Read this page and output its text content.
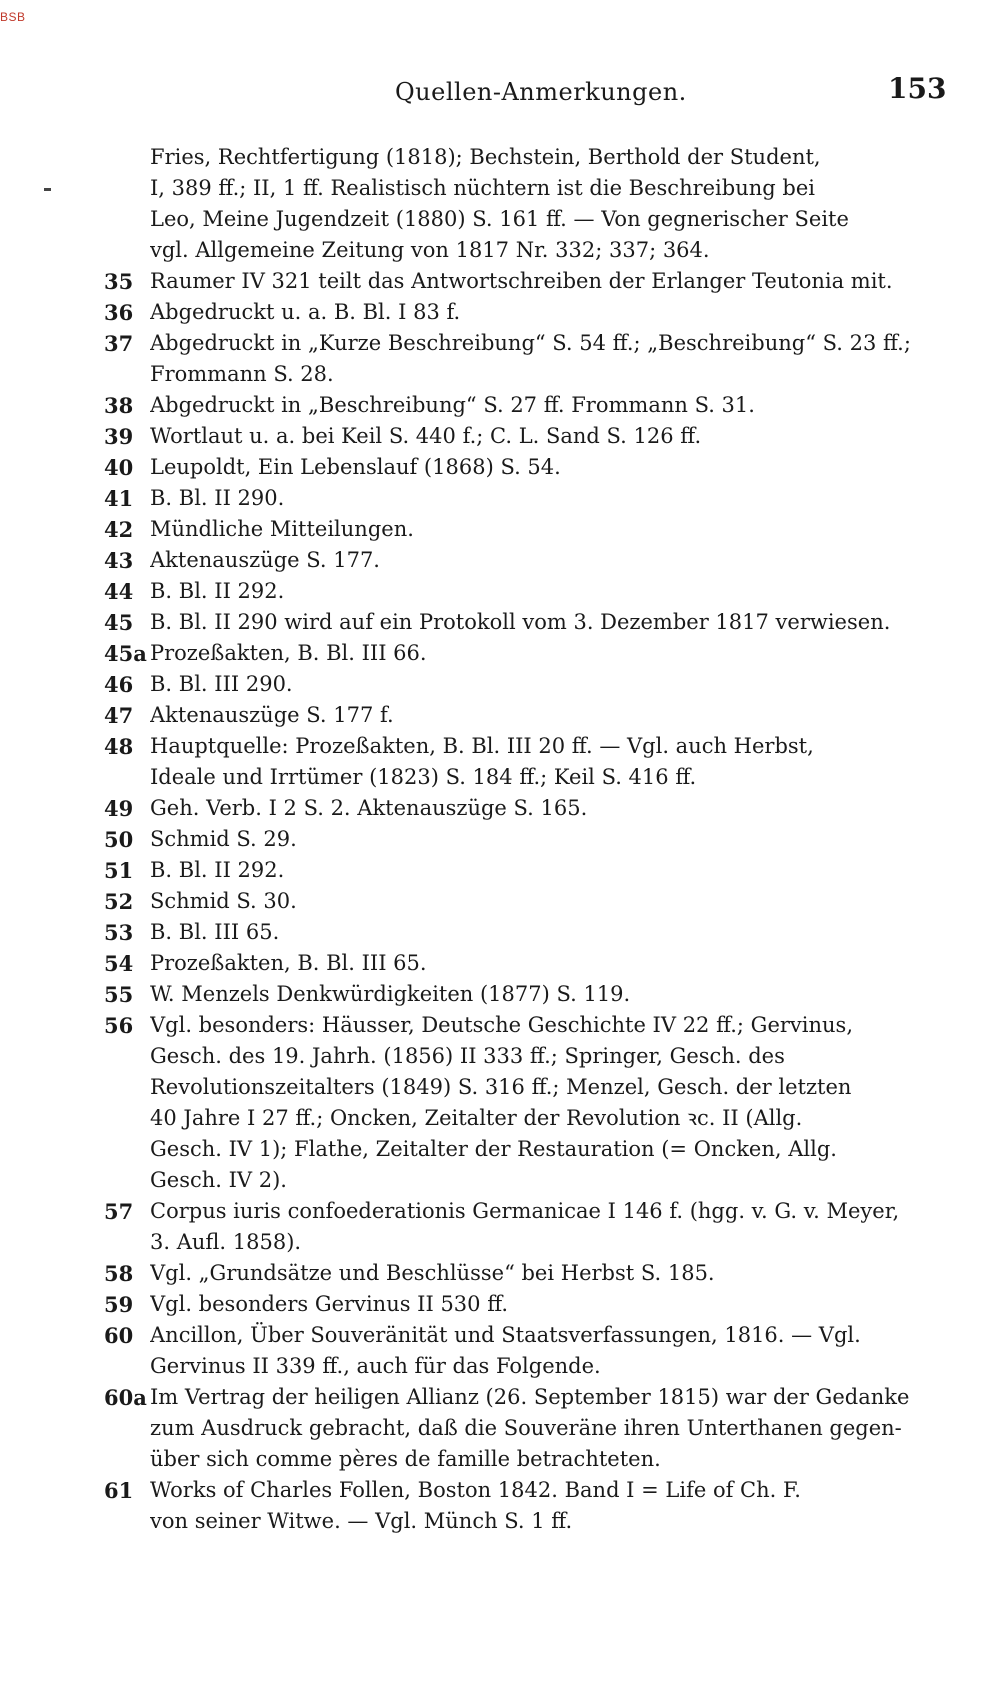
BSB
Quellen-Anmerkungen.	153
Fries, Rechtfertigung (1818); Bechstein, Berthold der Student,
I, 389 ff.; II, 1 ff. Realistisch nüchtern ist die Beschreibung bei
Leo, Meine Jugendzeit (1880) S. 161 ff. — Von gegnerischer Seite
vgl. Allgemeine Zeitung von 1817 Nr. 332; 337; 364.
35 Raumer IV 321 teilt das Antwortschreiben der Erlanger Teutonia mit.
36 Abgedruckt u. a. B. Bl. I 83 f.
37 Abgedruckt in „Kurze Beschreibung“ S. 54 ff.; „Beschreibung“ S. 23 ff.;
Frommann S. 28.
38 Abgedruckt in „Beschreibung“ S. 27 ff. Frommann S. 31.
39 Wortlaut u. a. bei Keil S. 440 f.; C. L. Sand S. 126 ff.
40 Leupoldt, Ein Lebenslauf (1868) S. 54.
41 B. Bl. II 290.
42 Mündliche Mitteilungen.
43 Aktenauszüge S. 177.
44 B. Bl. II 292.
45 B. Bl. II 290 wird auf ein Protokoll vom 3. Dezember 1817 verwiesen.
45a Prozeßakten, B. Bl. III 66.
46 B. Bl. III 290.
47 Aktenauszüge S. 177 f.
48 Hauptquelle: Prozeßakten, B. Bl. III 20 ff. — Vgl. auch Herbst,
Ideale und Irrtümer (1823) S. 184 ff.; Keil S. 416 ff.
49 Geh. Verb. I 2 S. 2. Aktenauszüge S. 165.
50 Schmid S. 29.
51 B. Bl. II 292.
52 Schmid S. 30.
53 B. Bl. III 65.
54 Prozeßakten, B. Bl. III 65.
55 W. Menzels Denkwürdigkeiten (1877) S. 119.
56 Vgl. besonders: Häusser, Deutsche Geschichte IV 22 ff.; Gervinus,
Gesch. des 19. Jahrh. (1856) II 333 ff.; Springer, Gesch. des
Revolutionszeitalters (1849) S. 316 ff.; Menzel, Gesch. der letzten
40 Jahre I 27 ff.; Oncken, Zeitalter der Revolution ꝛc. II (Allg.
Gesch. IV 1); Flathe, Zeitalter der Restauration (= Oncken, Allg.
Gesch. IV 2).
57 Corpus iuris confoederationis Germanicae I 146 f. (hgg. v. G. v. Meyer,
3. Aufl. 1858).
58 Vgl. „Grundsätze und Beschlüsse“ bei Herbst S. 185.
59 Vgl. besonders Gervinus II 530 ff.
60 Ancillon, Über Souveränität und Staatsverfassungen, 1816. — Vgl.
Gervinus II 339 ff., auch für das Folgende.
60a Im Vertrag der heiligen Allianz (26. September 1815) war der Gedanke
zum Ausdruck gebracht, daß die Souveräne ihren Unterthanen gegen-
über sich comme pères de famille betrachteten.
61 Works of Charles Follen, Boston 1842. Band I = Life of Ch. F.
von seiner Witwe. — Vgl. Münch S. 1 ff.
